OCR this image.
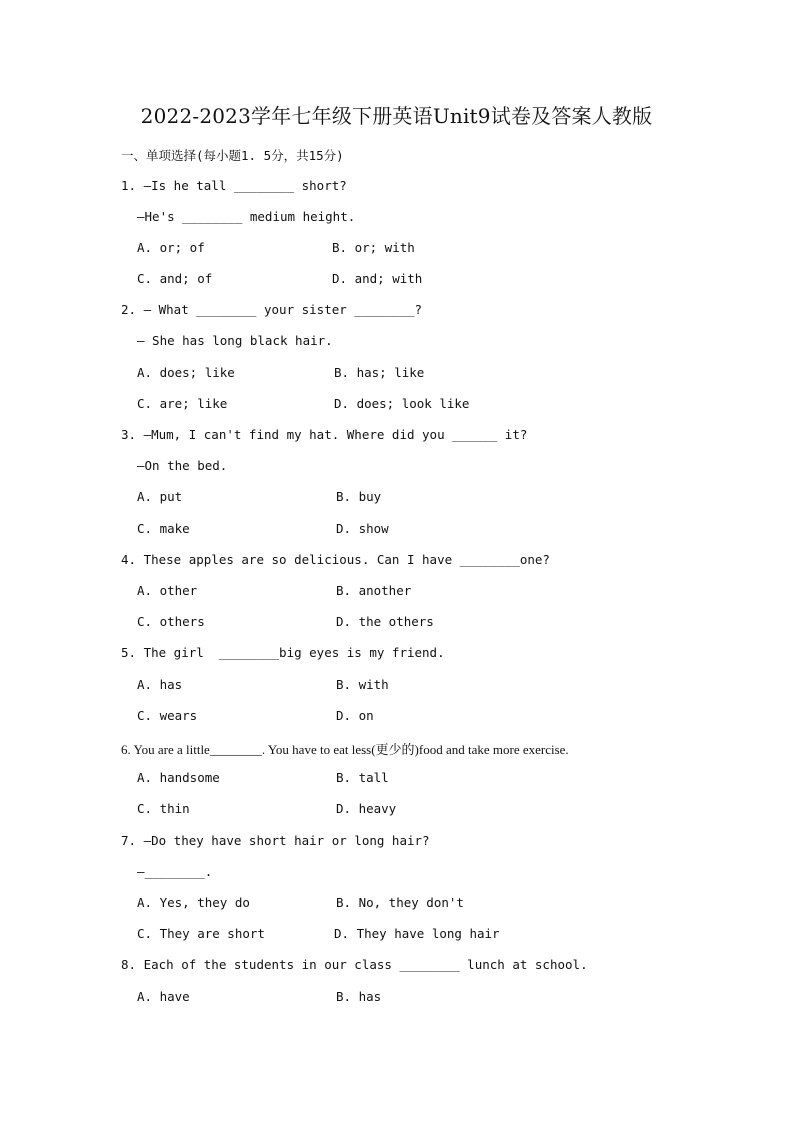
2022-2023学年七年级下册英语Unit9试卷及答案人教版
一、单项选择(每小题1. 5分，共15分)
1. —Is he tall ________ short?
—He's ________ medium height.
A. or; of	B. or; with
C. and; of	D. and; with
2. — What ________ your sister ________?
— She has long black hair.
A. does; like	B. has; like
C. are; like	D. does; look like
3. —Mum, I can't find my hat. Where did you ______ it?
—On the bed.
A. put	B. buy
C. make	D. show
4. These apples are so delicious. Can I have ________one?
A. other	B. another
C. others	D. the others
5. The girl  ________big eyes is my friend.
A. has	B. with
C. wears	D. on
6. You are a little________. You have to eat less(更少的)food and take more exercise.
A. handsome	B. tall
C. thin	D. heavy
7. —Do they have short hair or long hair?
—________.
A. Yes, they do	B. No, they don't
C. They are short	D. They have long hair
8. Each of the students in our class ________ lunch at school.
A. have	B. has
